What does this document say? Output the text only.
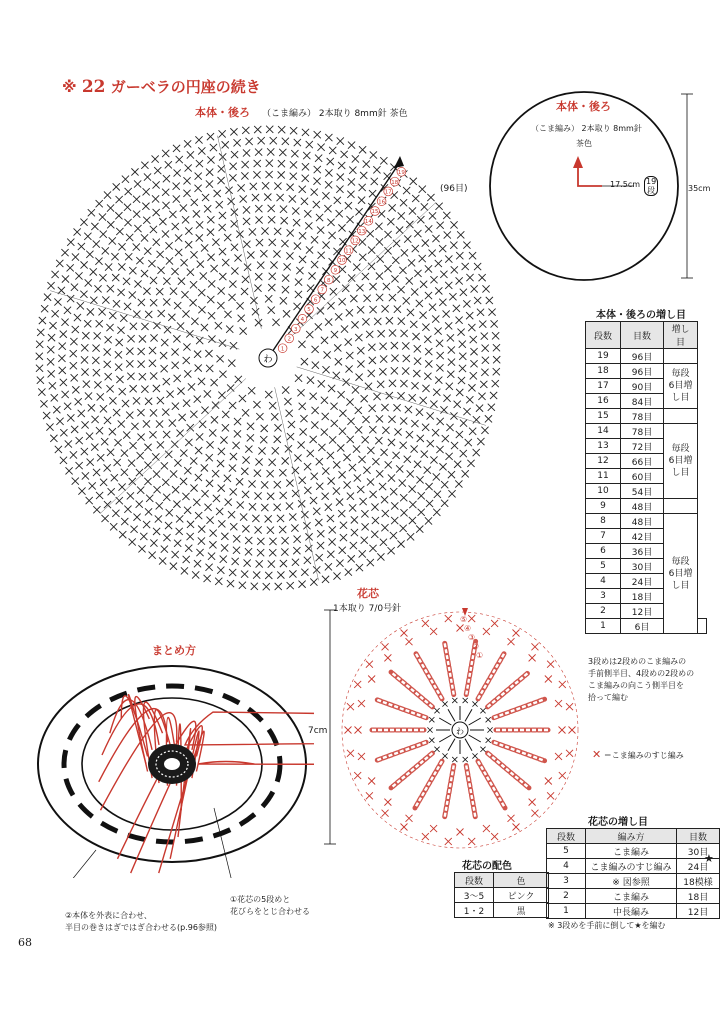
※ 22 ガーベラの円座の続き
本体・後ろ （こま編み） 2本取り 8mm針 茶色
(96目)
1
2
3
4
5
6
7
8
9
10
11
12
13
14
15
16
17
18
19
わ
本体・後ろ
（こま編み） 2本取り 8mm針
茶色
17.5cm 19
段	35cm
本体・後ろの増し目
段数	目数	増し目	
19	96目		
18	96目	毎段
6目増し目	

17	90目		
16	84目		
15	78目		
14	78目	毎段
6目増し目	

13	72目		
12	66目		
11	60目		
10	54目		
9	48目		
8	48目	毎段
6目増し目	

7	42目		
6	36目		
5	30目		
4	24目		
3	18目		
2	12目		
1	6目		
花芯
1本取り 7/0号針
7cm	わ
⑤
④
③
②
①
3段めは2段めのこま編みの
手前側半目、4段めの2段めの
こま編みの向こう側半目を
拾って編む
✕ ＝こま編みのすじ編み
まとめ方
①花芯の5段めと
花びらをとじ合わせる
②本体を外表に合わせ、
半目の巻きはぎではぎ合わせる(p.96参照)
花芯の配色
段数	色
3～5	ピンク
1・2	黒
花芯の増し目
段数	編み方	目数
5	こま編み	30目
4	こま編みのすじ編み	24目
3	※ 図参照	18模様
2	こま編み	18目
1	中長編み	12目
★
※ 3段めを手前に倒して★を編む
68
